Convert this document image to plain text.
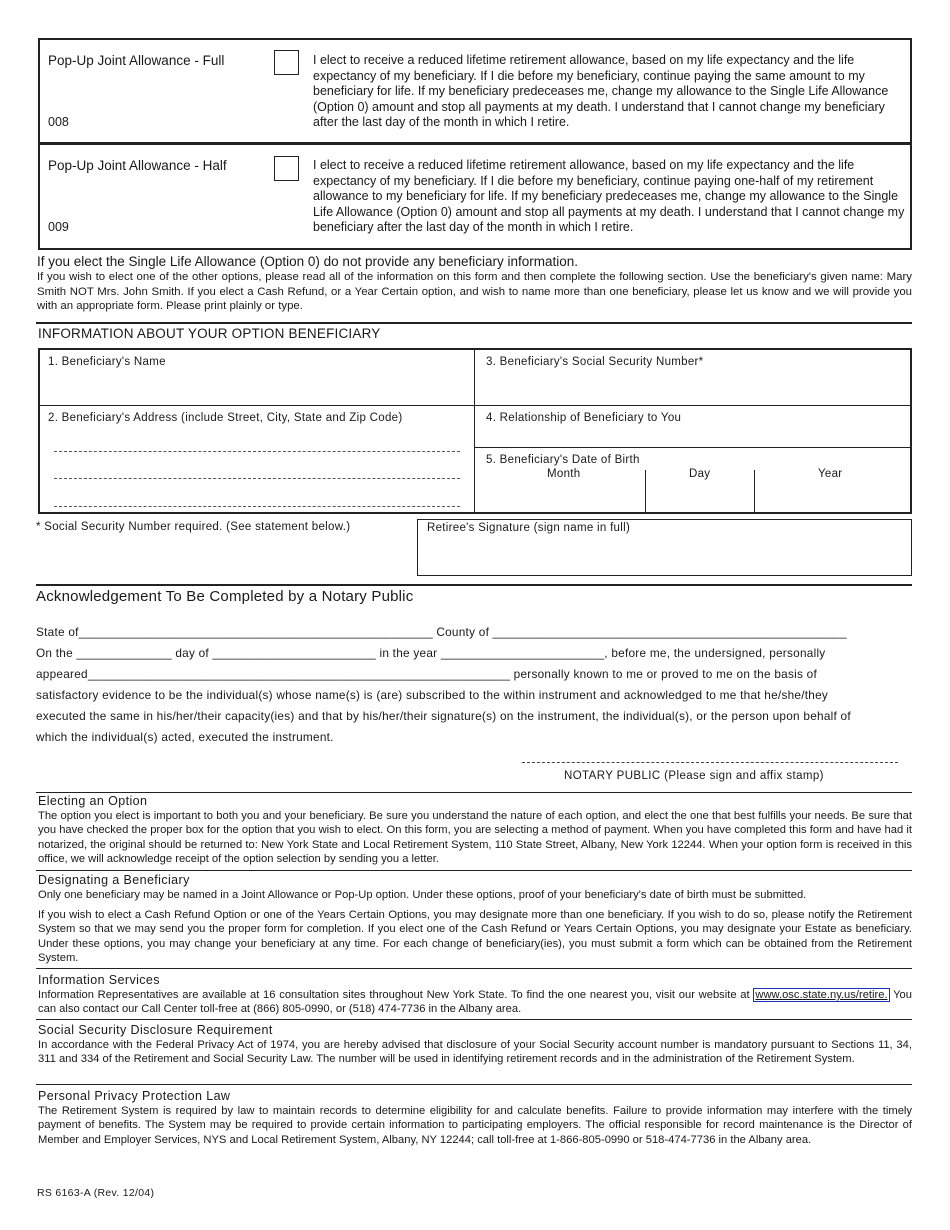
Pop-Up Joint Allowance - Full
008
I elect to receive a reduced lifetime retirement allowance, based on my life expectancy and the life expectancy of my beneficiary. If I die before my beneficiary, continue paying the same amount to my beneficiary for life. If my beneficiary predeceases me, change my allowance to the Single Life Allowance (Option 0) amount and stop all payments at my death. I understand that I cannot change my beneficiary after the last day of the month in which I retire.
Pop-Up Joint Allowance - Half
009
I elect to receive a reduced lifetime retirement allowance, based on my life expectancy and the life expectancy of my beneficiary. If I die before my beneficiary, continue paying one-half of my retirement allowance to my beneficiary for life. If my beneficiary predeceases me, change my allowance to the Single Life Allowance (Option 0) amount and stop all payments at my death. I understand that I cannot change my beneficiary after the last day of the month in which I retire.
If you elect the Single Life Allowance (Option 0) do not provide any beneficiary information.
If you wish to elect one of the other options, please read all of the information on this form and then complete the following section. Use the beneficiary's given name: Mary Smith NOT Mrs. John Smith. If you elect a Cash Refund, or a Year Certain option, and wish to name more than one beneficiary, please let us know and we will provide you with an appropriate form. Please print plainly or type.
INFORMATION ABOUT YOUR OPTION BENEFICIARY
1. Beneficiary's Name
2. Beneficiary's Address (include Street, City, State and Zip Code)
3. Beneficiary's Social Security Number*
4. Relationship of Beneficiary to You
5. Beneficiary's Date of Birth
Month	Day	Year
* Social Security Number required. (See statement below.)	Retiree's Signature (sign name in full)
Acknowledgement To Be Completed by a Notary Public
State of____________________________________________________ County of ____________________________________________________
On the ______________ day of ________________________ in the year ________________________, before me, the undersigned, personally
appeared______________________________________________________________ personally known to me or proved to me on the basis of
satisfactory evidence to be the individual(s) whose name(s) is (are) subscribed to the within instrument and acknowledged to me that he/she/they
executed the same in his/her/their capacity(ies) and that by his/her/their signature(s) on the instrument, the individual(s), or the person upon behalf of
which the individual(s) acted, executed the instrument.
NOTARY PUBLIC (Please sign and affix stamp)
Electing an Option
The option you elect is important to both you and your beneficiary. Be sure you understand the nature of each option, and elect the one that best fulfills your needs. Be sure that you have checked the proper box for the option that you wish to elect. On this form, you are selecting a method of payment. When you have completed this form and have had it notarized, the original should be returned to: New York State and Local Retirement System, 110 State Street, Albany, New York 12244. When your option form is received in this office, we will acknowledge receipt of the option selection by sending you a letter.
Designating a Beneficiary
Only one beneficiary may be named in a Joint Allowance or Pop-Up option. Under these options, proof of your beneficiary's date of birth must be submitted.
If you wish to elect a Cash Refund Option or one of the Years Certain Options, you may designate more than one beneficiary. If you wish to do so, please notify the Retirement System so that we may send you the proper form for completion. If you elect one of the Cash Refund or Years Certain Options, you may designate your Estate as beneficiary. Under these options, you may change your beneficiary at any time. For each change of beneficiary(ies), you must submit a form which can be obtained from the Retirement System.
Information Services
Information Representatives are available at 16 consultation sites throughout New York State. To find the one nearest you, visit our website at www.osc.state.ny.us/retire. You can also contact our Call Center toll-free at (866) 805-0990, or (518) 474-7736 in the Albany area.
Social Security Disclosure Requirement
In accordance with the Federal Privacy Act of 1974, you are hereby advised that disclosure of your Social Security account number is mandatory pursuant to Sections 11, 34, 311 and 334 of the Retirement and Social Security Law. The number will be used in identifying retirement records and in the administration of the Retirement System.
Personal Privacy Protection Law
The Retirement System is required by law to maintain records to determine eligibility for and calculate benefits. Failure to provide information may interfere with the timely payment of benefits. The System may be required to provide certain information to participating employers. The official responsible for record maintenance is the Director of Member and Employer Services, NYS and Local Retirement System, Albany, NY 12244; call toll-free at 1-866-805-0990 or 518-474-7736 in the Albany area.
RS 6163-A (Rev. 12/04)
